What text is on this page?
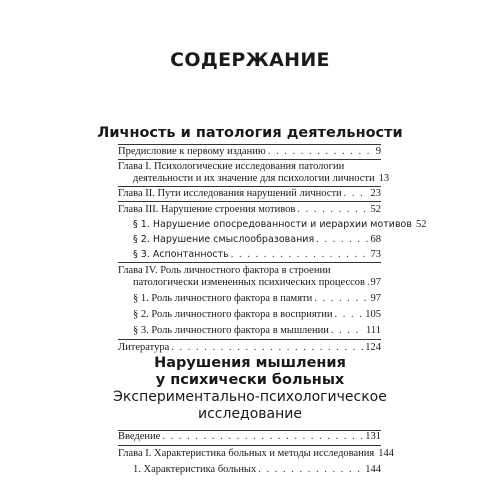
СОДЕРЖАНИЕ
Личность и патология деятельности
Предисловие к первому изданию . . .	9
Глава I. Психологические исследования патологии
деятельности и их значение для психологии личности 13
Глава II. Пути исследования нарушений личности . . .	23
Глава III. Нарушение строения мотивов . . .	52
§ 1. Нарушение опосредованности и иерархии мотивов 52
§ 2. Нарушение смыслообразования . . .	68
§ 3. Аспонтанность . . .	73
Глава IV. Роль личностного фактора в строении
патологически измененных психических процессов . . . 97
§ 1. Роль личностного фактора в памяти . . .	97
§ 2. Роль личностного фактора в восприятии . . .	105
§ 3. Роль личностного фактора в мышлении . . .	111
Литература . . .	124
Нарушения мышления
у психически больных
Экспериментально-психологическое
исследование
Введение . . .	131
Глава I. Характеристика больных и методы исследования 144
1. Характеристика больных . . .	144
